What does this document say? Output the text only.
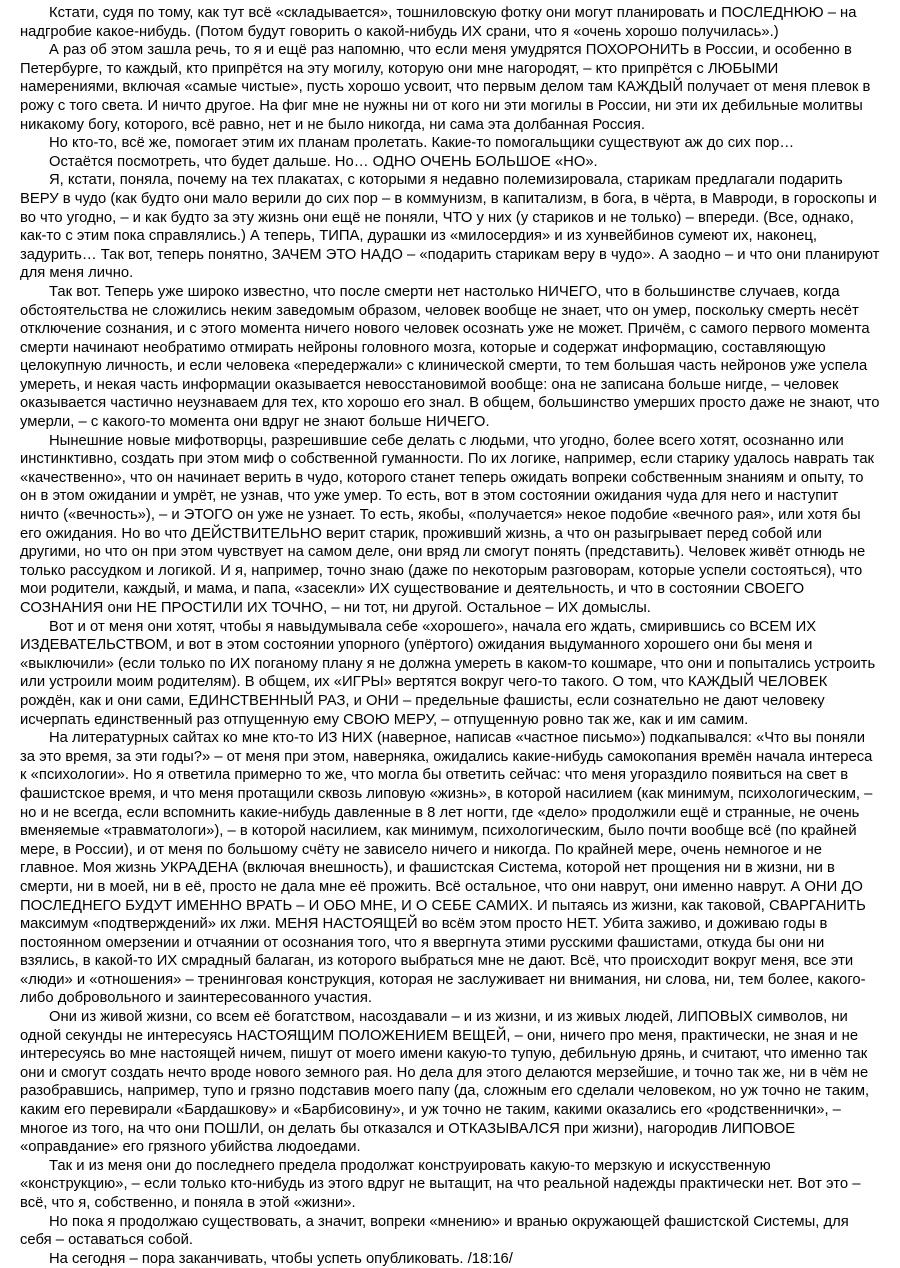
Кстати, судя по тому, как тут всё «складывается», тошниловскую фотку они могут планировать и ПОСЛЕДНЮЮ – на надгробие какое-нибудь. (Потом будут говорить о какой-нибудь ИХ срани, что я «очень хорошо получилась».)

А раз об этом зашла речь, то я и ещё раз напомню, что если меня умудрятся ПОХОРОНИТЬ в России, и особенно в Петербурге, то каждый, кто припрётся на эту могилу, которую они мне нагородят, – кто припрётся с ЛЮБЫМИ намерениями, включая «самые чистые», пусть хорошо усвоит, что первым делом там КАЖДЫЙ получает от меня плевок в рожу с того света. И ничто другое. На фиг мне не нужны ни от кого ни эти могилы в России, ни эти их дебильные молитвы никакому богу, которого, всё равно, нет и не было никогда, ни сама эта долбанная Россия.

Но кто-то, всё же, помогает этим их планам пролетать. Какие-то помогальщики существуют аж до сих пор…

Остаётся посмотреть, что будет дальше. Но… ОДНО ОЧЕНЬ БОЛЬШОЕ «НО».

Я, кстати, поняла, почему на тех плакатах, с которыми я недавно полемизировала, старикам предлагали подарить ВЕРУ в чудо (как будто они мало верили до сих пор – в коммунизм, в капитализм, в бога, в чёрта, в Мавроди, в гороскопы и во что угодно, – и как будто за эту жизнь они ещё не поняли, ЧТО у них (у стариков и не только) – впереди. (Все, однако, как-то с этим пока справлялись.) А теперь, ТИПА, дурашки из «милосердия» и из хунвейбинов сумеют их, наконец, задурить… Так вот, теперь понятно, ЗАЧЕМ ЭТО НАДО – «подарить старикам веру в чудо». А заодно – и что они планируют для меня лично.

Так вот. Теперь уже широко известно, что после смерти нет настолько НИЧЕГО, что в большинстве случаев, когда обстоятельства не сложились неким заведомым образом, человек вообще не знает, что он умер, поскольку смерть несёт отключение сознания, и с этого момента ничего нового человек осознать уже не может. Причём, с самого первого момента смерти начинают необратимо отмирать нейроны головного мозга, которые и содержат информацию, составляющую целокупную личность, и если человека «передержали» с клинической смерти, то тем большая часть нейронов уже успела умереть, и некая часть информации оказывается невосстановимой вообще: она не записана больше нигде, – человек оказывается частично неузнаваем для тех, кто хорошо его знал. В общем, большинство умерших просто даже не знают, что умерли, – с какого-то момента они вдруг не знают больше НИЧЕГО.

Нынешние новые мифотворцы, разрешившие себе делать с людьми, что угодно, более всего хотят, осознанно или инстинктивно, создать при этом миф о собственной гуманности. По их логике, например, если старику удалось наврать так «качественно», что он начинает верить в чудо, которого станет теперь ожидать вопреки собственным знаниям и опыту, то он в этом ожидании и умрёт, не узнав, что уже умер. То есть, вот в этом состоянии ожидания чуда для него и наступит ничто («вечность»), – и ЭТОГО он уже не узнает. То есть, якобы, «получается» некое подобие «вечного рая», или хотя бы его ожидания. Но во что ДЕЙСТВИТЕЛЬНО верит старик, проживший жизнь, а что он разыгрывает перед собой или другими, но что он при этом чувствует на самом деле, они вряд ли смогут понять (представить). Человек живёт отнюдь не только рассудком и логикой. И я, например, точно знаю (даже по некоторым разговорам, которые успели состояться), что мои родители, каждый, и мама, и папа, «засекли» ИХ существование и деятельность, и что в состоянии СВОЕГО СОЗНАНИЯ они НЕ ПРОСТИЛИ ИХ ТОЧНО, – ни тот, ни другой. Остальное – ИХ домыслы.

Вот и от меня они хотят, чтобы я навыдумывала себе «хорошего», начала его ждать, смирившись со ВСЕМ ИХ ИЗДЕВАТЕЛЬСТВОМ, и вот в этом состоянии упорного (упёртого) ожидания выдуманного хорошего они бы меня и «выключили» (если только по ИХ поганому плану я не должна умереть в каком-то кошмаре, что они и попытались устроить или устроили моим родителям). В общем, их «ИГРЫ» вертятся вокруг чего-то такого. О том, что КАЖДЫЙ ЧЕЛОВЕК рождён, как и они сами, ЕДИНСТВЕННЫЙ РАЗ, и ОНИ – предельные фашисты, если сознательно не дают человеку исчерпать единственный раз отпущенную ему СВОЮ МЕРУ, – отпущенную ровно так же, как и им самим.

На литературных сайтах ко мне кто-то ИЗ НИХ (наверное, написав «частное письмо») подкапывался: «Что вы поняли за это время, за эти годы?» – от меня при этом, наверняка, ожидались какие-нибудь самокопания времён начала интереса к «психологии». Но я ответила примерно то же, что могла бы ответить сейчас: что меня угораздило появиться на свет в фашистское время, и что меня протащили сквозь липовую «жизнь», в которой насилием (как минимум, психологическим, – но и не всегда, если вспомнить какие-нибудь давленные в 8 лет ногти, где «дело» продолжили ещё и странные, не очень вменяемые «травматологи»), – в которой насилием, как минимум, психологическим, было почти вообще всё (по крайней мере, в России), и от меня по большому счёту не зависело ничего и никогда. По крайней мере, очень немногое и не главное. Моя жизнь УКРАДЕНА (включая внешность), и фашистская Система, которой нет прощения ни в жизни, ни в смерти, ни в моей, ни в её, просто не дала мне её прожить. Всё остальное, что они наврут, они именно наврут. А ОНИ ДО ПОСЛЕДНЕГО БУДУТ ИМЕННО ВРАТЬ – И ОБО МНЕ, И О СЕБЕ САМИХ. И пытаясь из жизни, как таковой, СВАРГАНИТЬ максимум «подтверждений» их лжи. МЕНЯ НАСТОЯЩЕЙ во всём этом просто НЕТ. Убита заживо, и доживаю годы в постоянном омерзении и отчаянии от осознания того, что я ввергнута этими русскими фашистами, откуда бы они ни взялись, в какой-то ИХ смрадный балаган, из которого выбраться мне не дают. Всё, что происходит вокруг меня, все эти «люди» и «отношения» – тренинговая конструкция, которая не заслуживает ни внимания, ни слова, ни, тем более, какого-либо добровольного и заинтересованного участия.

Они из живой жизни, со всем её богатством, насоздавали – и из жизни, и из живых людей, ЛИПОВЫХ символов, ни одной секунды не интересуясь НАСТОЯЩИМ ПОЛОЖЕНИЕМ ВЕЩЕЙ, – они, ничего про меня, практически, не зная и не интересуясь во мне настоящей ничем, пишут от моего имени какую-то тупую, дебильную дрянь, и считают, что именно так они и смогут создать нечто вроде нового земного рая. Но дела для этого делаются мерзейшие, и точно так же, ни в чём не разобравшись, например, тупо и грязно подставив моего папу (да, сложным его сделали человеком, но уж точно не таким, каким его перевирали «Бардашкову» и «Барбисовину», и уж точно не таким, какими оказались его «родственнички», – многое из того, на что они ПОШЛИ, он делать бы отказался и ОТКАЗЫВАЛСЯ при жизни), нагородив ЛИПОВОЕ «оправдание» его грязного убийства людоедами.

Так и из меня они до последнего предела продолжат конструировать какую-то мерзкую и искусственную «конструкцию», – если только кто-нибудь из этого вдруг не вытащит, на что реальной надежды практически нет. Вот это – всё, что я, собственно, и поняла в этой «жизни».

Но пока я продолжаю существовать, а значит, вопреки «мнению» и вранью окружающей фашистской Системы, для себя – оставаться собой.

На сегодня – пора заканчивать, чтобы успеть опубликовать. /18:16/
